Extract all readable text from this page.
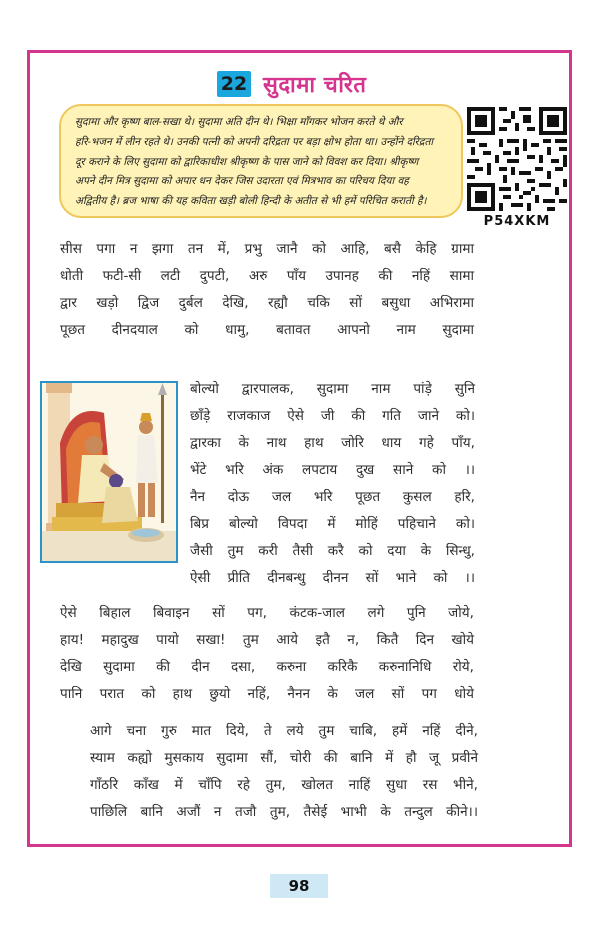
22 सुदामा चरित
सुदामा और कृष्ण बाल-सखा थे। सुदामा अति दीन थे। भिक्षा माँगकर भोजन करते थे और
हरि-भजन में लीन रहते थे। उनकी पत्नी को अपनी दरिद्रता पर बड़ा क्षोभ होता था। उन्होंने दरिद्रता
दूर कराने के लिए सुदामा को द्वारिकाधीश श्रीकृष्ण के पास जाने को विवश कर दिया। श्रीकृष्ण
अपने दीन मित्र सुदामा को अपार धन देकर जिस उदारता एवं मित्रभाव का परिचय दिया वह
अद्वितीय है। ब्रज भाषा की यह कविता खड़ी बोली हिन्दी के अतीत से भी हमें परिचित कराती है।
P54XKM
सीस पगा न झगा तन में, प्रभु जानै को आहि, बसै केहि ग्रामा
धोती फटी-सी लटी दुपटी, अरु पाँय उपानह की नहिं सामा
द्वार खड़ो द्विज दुर्बल देखि, रह्यौ चकि सों बसुधा अभिरामा
पूछत दीनदयाल को धामु, बतावत आपनो नाम सुदामा
बोल्यो द्वारपालक, सुदामा नाम पांड़े सुनि
छाँड़े राजकाज ऐसे जी की गति जाने को।
द्वारका के नाथ हाथ जोरि धाय गहे पाँय,
भेंटे भरि अंक लपटाय दुख साने को ।।
नैन दोऊ जल भरि पूछत कुसल हरि,
बिप्र बोल्यो विपदा में मोहिं पहिचाने को।
जैसी तुम करी तैसी करै को दया के सिन्धु,
ऐसी प्रीति दीनबन्धु दीनन सों भाने को ।।
ऐसे बिहाल बिवाइन सों पग, कंटक-जाल लगे पुनि जोये,
हाय! महादुख पायो सखा! तुम आये इतै न, कितै दिन खोये
देखि सुदामा की दीन दसा, करुना करिकै करुनानिधि रोये,
पानि परात को हाथ छुयो नहिं, नैनन के जल सों पग धोये
आगे चना गुरु मात दिये, ते लये तुम चाबि, हमें नहिं दीने,
स्याम कह्यो मुसकाय सुदामा सौं, चोरी की बानि में हौ जू प्रवीने
गाँठरि काँख में चाँपि रहे तुम, खोलत नाहिं सुधा रस भीने,
पाछिलि बानि अजौं न तजौ तुम, तैसेई भाभी के तन्दुल कीने।।
98
